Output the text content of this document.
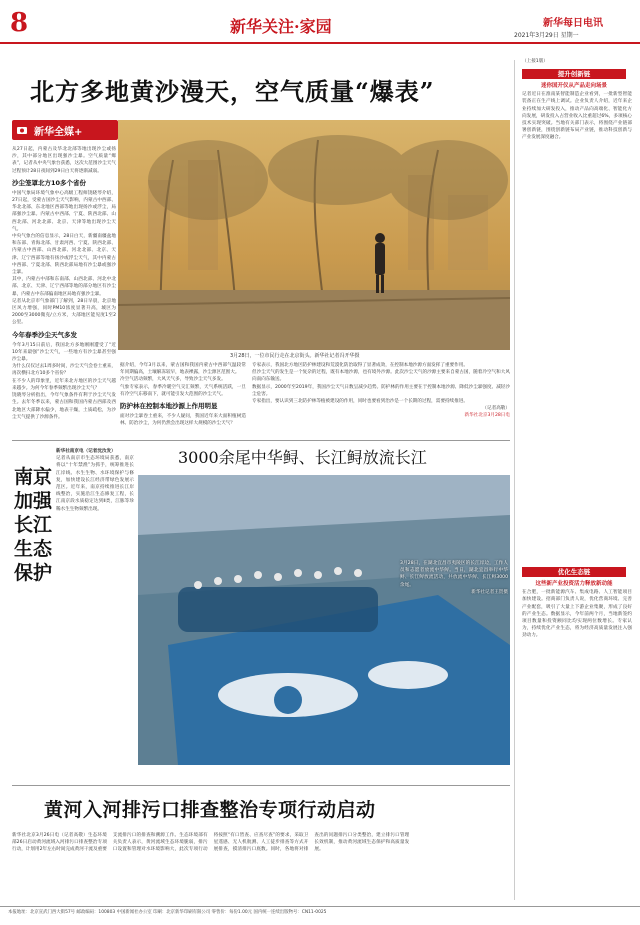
8	新华关注·家园	新华每日电讯
2021年3月29日 星期一
北方多地黄沙漫天，空气质量“爆表”
新华全媒+
从27日起，内蒙古及华北北部等地出现沙尘或扬沙，其中部分地区出现强沙尘暴。空气质量“爆表”，记者从中央气象台获悉，这次大范围沙尘天气过程预计28日夜间到29日白天将逐渐减弱。
沙尘笼罩北方10多个省份
中国气象局环境气象中心高级工程师饶晓琴介绍，27日起，受蒙古国沙尘天气影响，内蒙古中西部、华北北部、东北地区西部等地出现扬沙或浮尘，局部强沙尘暴。内蒙古中西部、宁夏、陕西北部、山西北部、河北北部、北京、天津等地出现沙尘天气。
中央气象台的信息显示，28日白天，新疆南疆盆地和东部、青海北部、甘肃河西、宁夏、陕西北部、内蒙古中西部、山西北部、河北北部、北京、天津、辽宁西部等地有扬沙或浮尘天气，其中内蒙古中西部、宁夏北部、陕西北部局地有沙尘暴或强沙尘暴。
其中，内蒙古中部和东南部、山西北部、河北中北部、北京、天津、辽宁西部等地的部分地区有沙尘暴，内蒙古中东部偏南地区局地有强沙尘暴。
记者从北京市气象部门了解到，28日早晨，北京地区风力增强，同时PM10浓度显著升高，城区为2000至3000微克/立方米，大部地区能见度1至2公里。
今年春季沙尘天气多发
今年3月15日前后，我国北方多地刚刚遭受了“近10年来最强”沙尘天气，一些地方有沙尘暴甚至强沙尘暴。
为什么仅仅过去1周多时间，沙尘天气会卷土重来，再次横扫北方10多个省份？
在不少人的印象里，近年来北方地区的沙尘天气越来越少。为何今年春季频繁出现沙尘天气？
饶晓琴分析指出，今年气象条件有利于沙尘天气发生。去年冬季以来，蒙古国和我国内蒙古西部及西北地区大部降水偏少，地表干燥，土质疏松，为沙尘天气提供了沙源条件。
3月28日，一位市民行走在北京街头。新华社记者冯开华摄
据介绍，今年3月以来，蒙古国和我国内蒙古中西部气温较常年同期偏高，土壤解冻较早，地表裸露，沙尘源区范围大。
冷空气活动频繁，大风天气多，导致沙尘天气多发。
气象专家表示，春季冷暖空气交汇频繁，天气系统活跃，一旦有冷空气东移南下，就可能引发大范围的沙尘天气。
防护林在控制本地沙源上作用明显
面对沙尘暴卷土重来，不少人疑问，我国近年来大面积植树造林、防治沙尘，为何仍然会出现这样大规模的沙尘天气？
专家表示，我国北方地区防护林建设和荒漠化防治取得了显著成效，在控制本地沙源方面发挥了重要作用。
但沙尘天气的发生是一个复杂的过程，既有本地沙源，也有境外沙源。此次沙尘天气的沙源主要来自蒙古国，随着冷空气和大风向南向东输送。
数据显示，2000年至2019年，我国沙尘天气日数呈减少趋势。防护林的作用主要在于控制本地沙源、降低沙尘暴强度、减轻沙尘危害。
专家指出，要认识到三北防护林等植被建设的作用，同时也要看到治沙是一个长期的过程，需要持续推进。
（记者高敬）
新华社北京3月28日电
南京加强长江生态保护
新华社南京电（记者沈汝发）
记者从南京市生态环境局获悉，南京将以“十年禁渔”为抓手，统筹推进长江岸线、水生生物、水环境保护与修复，加快建设长江经济带绿色发展示范区。近年来，南京持续推进长江岸线整治，实施沿江生态修复工程，长江南京段水质稳定达到Ⅱ类，江豚等珍稀水生生物频繁出现。
3000余尾中华鲟、长江鲟放流长江
3月28日，在湖北宜昌市夷陵区的长江岸边，工作人员和志愿者放流中华鲟。当日，湖北宜昌举行中华鲟、长江鲟放流活动，共放流中华鲟、长江鲟3000余尾。
新华社记者王贺摄
黄河入河排污口排查整治专项行动启动
新华社北京3月26日电（记者高敬）生态环境部26日启动黄河流域入河排污口排查整治专项行动，计划用2年左右时间完成黄河干流及重要支流排污口的排查和溯源工作。生态环境部有关负责人表示，黄河流域生态环境脆弱，排污口设置和管理对水环境影响大，此次专项行动将按照“有口皆查、应查尽查”的要求，采取卫星遥感、无人机航测、人工徒步排查等方式开展排查，摸清排污口底数。同时，各地将对排查出的问题排污口分类整治，建立排污口管理长效机制，推动黄河流域生态保护和高质量发展。
（上接1版）
提升创新链
迷你国开仪从产品走向场景
记者近日在淮南某智能制造企业看到，一批新型智能装备正在生产线上调试。企业负责人介绍，近年来企业持续加大研发投入，推动产品向高端化、智能化方向发展，研发投入占营业收入比重超过6%，多项核心技术实现突破。当地有关部门表示，将围绕产业链部署创新链，围绕创新链布局产业链，推动科技创新与产业发展深度融合。
优化生态链
这些新产业投资活力释放新动能
在合肥，一批新能源汽车、集成电路、人工智能项目加快建设。招商部门负责人说，优化营商环境、完善产业配套，吸引了大量上下游企业集聚，形成了良好的产业生态。数据显示，今年前两个月，当地新签约项目数量和投资额同比均实现两位数增长。专家认为，持续优化产业生态，将为经济高质量发展注入强劲动力。
本报地址：北京宣武门西大街57号 邮政编码：100803 中国新闻社办公室 印刷：北京新华印刷有限公司 零售价：每份1.00元 国内统一连续出版物号：CN11-0025
